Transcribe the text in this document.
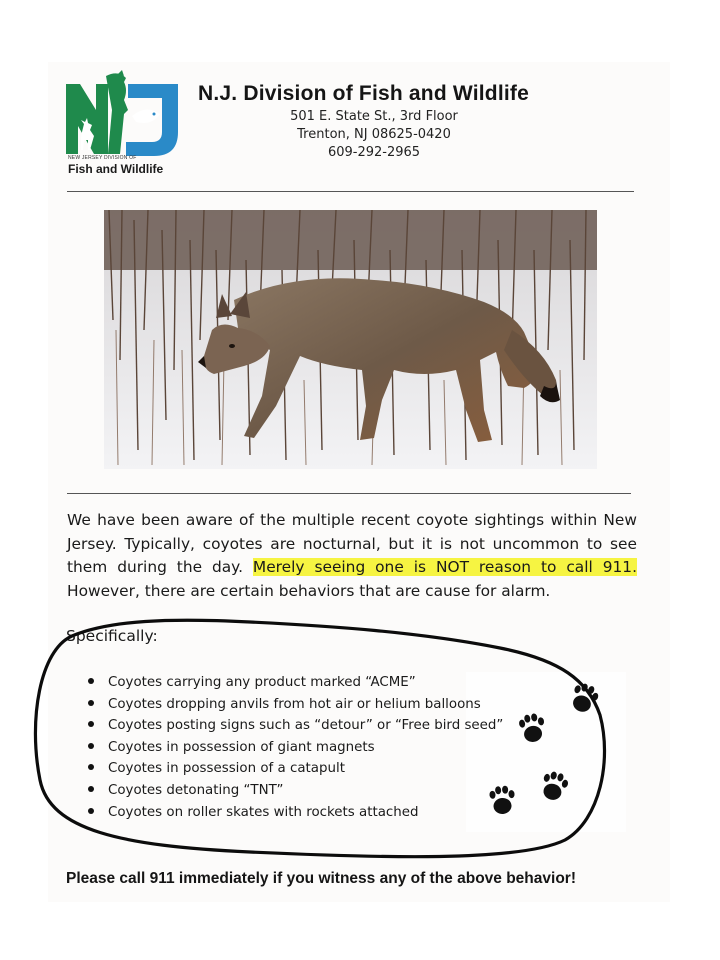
NEW JERSEY DIVISION OF
Fish and Wildlife
N.J. Division of Fish and Wildlife
501 E. State St., 3rd Floor
Trenton, NJ 08625-0420
609-292-2965
We have been aware of the multiple recent coyote sightings within New Jersey. Typically, coyotes are nocturnal, but it is not uncommon to see them during the day. Merely seeing one is NOT reason to call 911. However, there are certain behaviors that are cause for alarm.
Specifically:
Coyotes carrying any product marked “ACME”
Coyotes dropping anvils from hot air or helium balloons
Coyotes posting signs such as “detour” or “Free bird seed”
Coyotes in possession of giant magnets
Coyotes in possession of a catapult
Coyotes detonating “TNT”
Coyotes on roller skates with rockets attached
Please call 911 immediately if you witness any of the above behavior!
